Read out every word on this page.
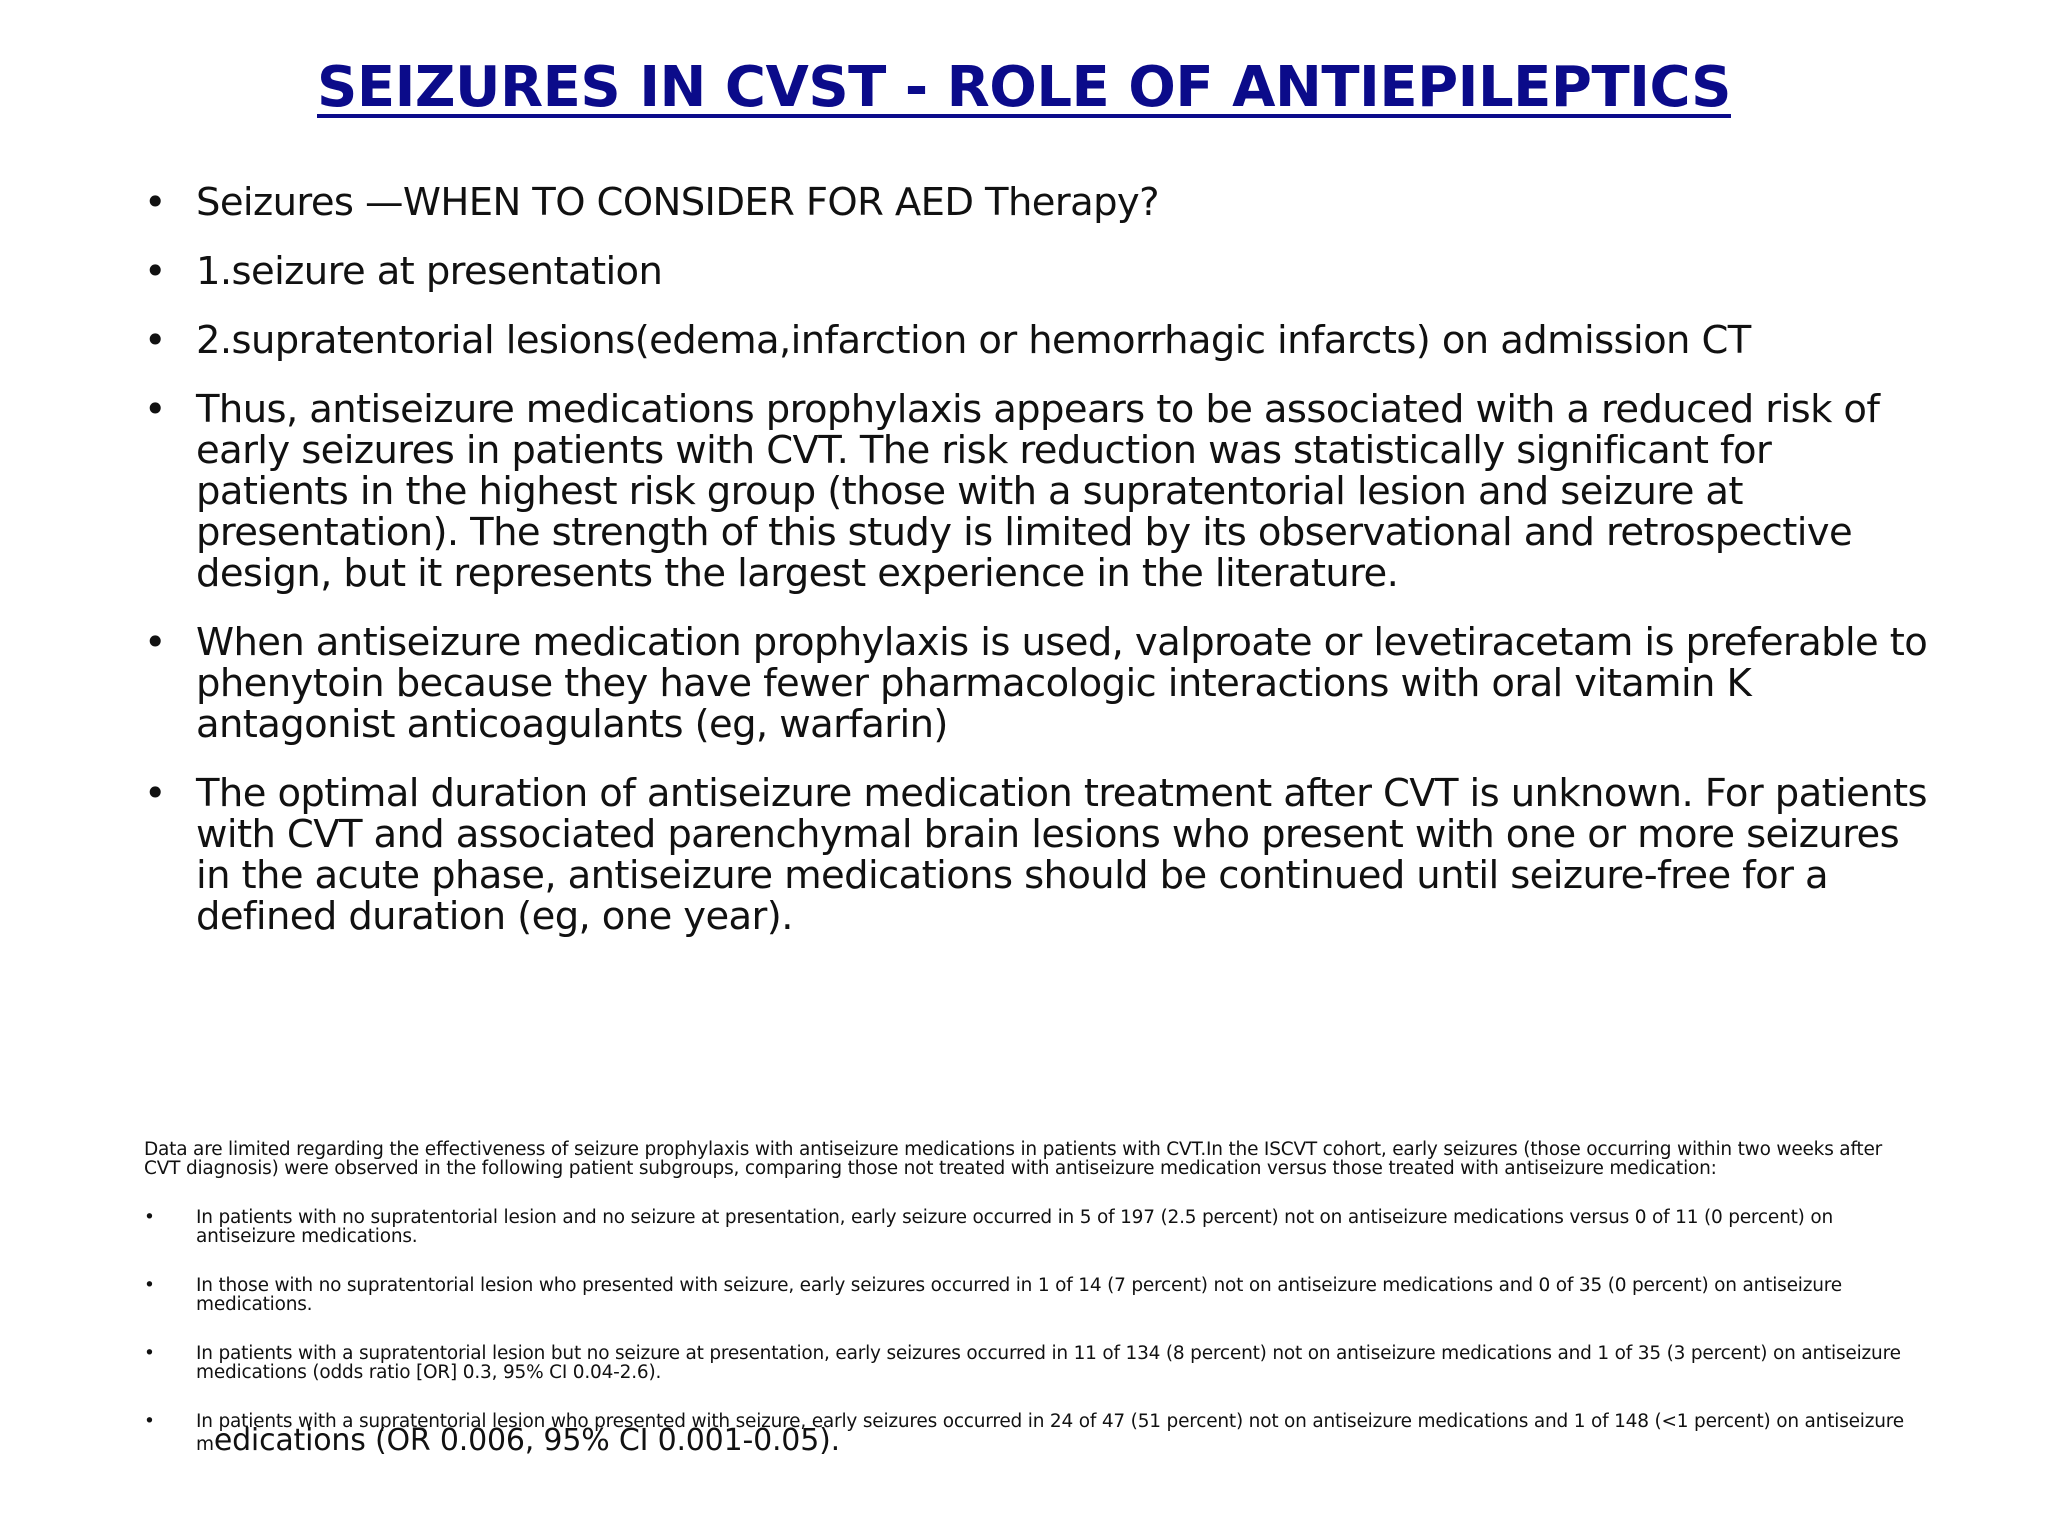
SEIZURES IN CVST - ROLE OF ANTIEPILEPTICS
• Seizures —WHEN TO CONSIDER FOR AED Therapy?
• 1.seizure at presentation
• 2.supratentorial lesions(edema,infarction or hemorrhagic infarcts) on admission CT
• Thus, antiseizure medications prophylaxis appears to be associated with a reduced risk of early seizures in patients with CVT. The risk reduction was statistically significant for patients in the highest risk group (those with a supratentorial lesion and seizure at presentation). The strength of this study is limited by its observational and retrospective design, but it represents the largest experience in the literature.
• When antiseizure medication prophylaxis is used, valproate or levetiracetam is preferable to phenytoin because they have fewer pharmacologic interactions with oral vitamin K antagonist anticoagulants (eg, warfarin)
• The optimal duration of antiseizure medication treatment after CVT is unknown. For patients with CVT and associated parenchymal brain lesions who present with one or more seizures in the acute phase, antiseizure medications should be continued until seizure-free for a defined duration (eg, one year).

Data are limited regarding the effectiveness of seizure prophylaxis with antiseizure medications in patients with CVT.In the ISCVT cohort, early seizures (those occurring within two weeks after CVT diagnosis) were observed in the following patient subgroups, comparing those not treated with antiseizure medication versus those treated with antiseizure medication:

• In patients with no supratentorial lesion and no seizure at presentation, early seizure occurred in 5 of 197 (2.5 percent) not on antiseizure medications versus 0 of 11 (0 percent) on antiseizure medications.
• In those with no supratentorial lesion who presented with seizure, early seizures occurred in 1 of 14 (7 percent) not on antiseizure medications and 0 of 35 (0 percent) on antiseizure medications.
• In patients with a supratentorial lesion but no seizure at presentation, early seizures occurred in 11 of 134 (8 percent) not on antiseizure medications and 1 of 35 (3 percent) on antiseizure medications (odds ratio [OR] 0.3, 95% CI 0.04-2.6).
• In patients with a supratentorial lesion who presented with seizure, early seizures occurred in 24 of 47 (51 percent) not on antiseizure medications and 1 of 148 (<1 percent) on antiseizure medications (OR 0.006, 95% CI 0.001-0.05).
